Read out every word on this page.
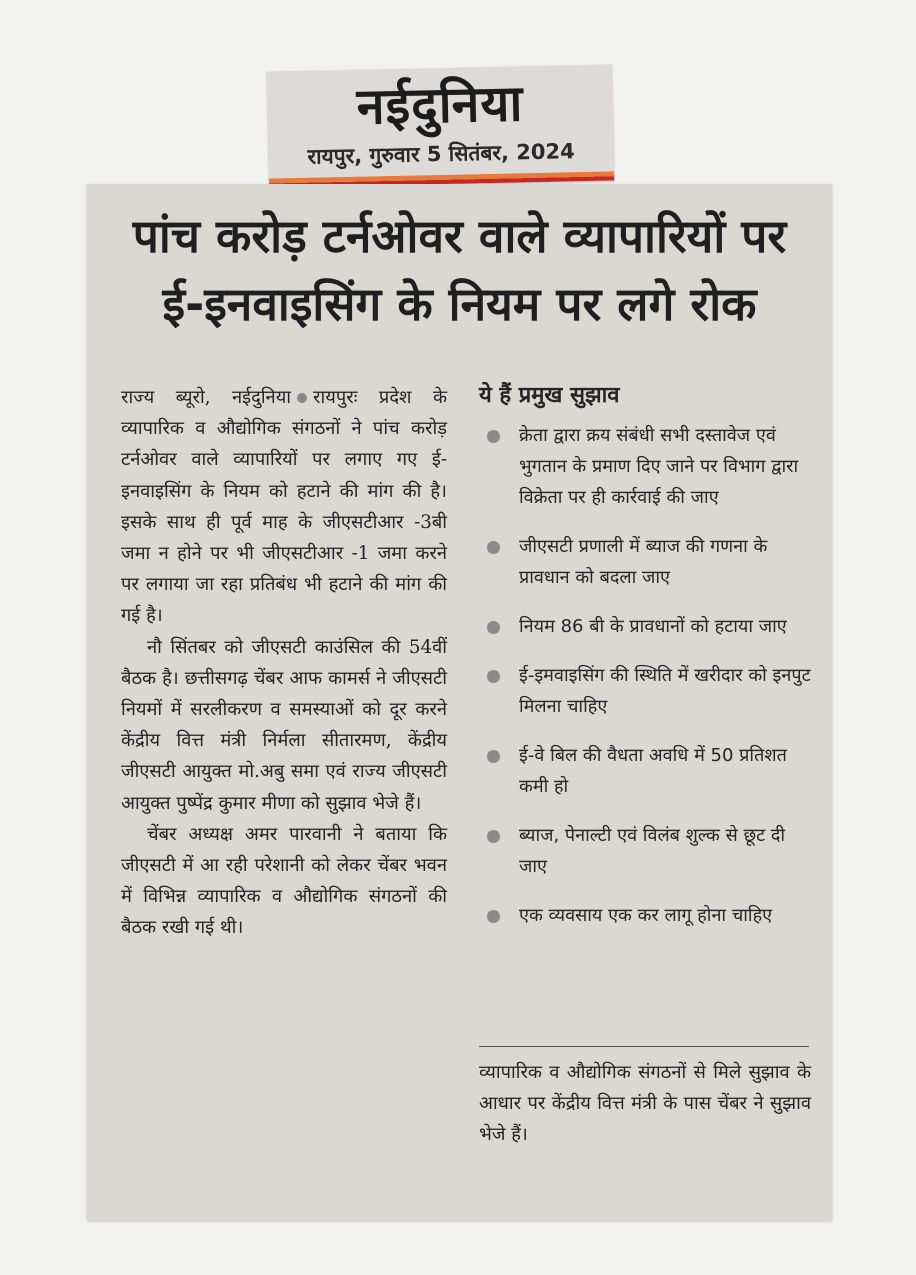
नईदुनिया
रायपुर, गुरुवार 5 सितंबर, 2024
पांच करोड़ टर्नओवर वाले व्यापारियों पर
ई-इनवाइसिंग के नियम पर लगे रोक

राज्य ब्यूरो, नईदुनिया रायपुरः प्रदेश के व्यापारिक व औद्योगिक संगठनों ने पांच करोड़ टर्नओवर वाले व्यापारियों पर लगाए गए ई-इनवाइसिंग के नियम को हटाने की मांग की है। इसके साथ ही पूर्व माह के जीएसटीआर -3बी जमा न होने पर भी जीएसटीआर -1 जमा करने पर लगाया जा रहा प्रतिबंध भी हटाने की मांग की गई है।

नौ सिंतबर को जीएसटी काउंसिल की 54वीं बैठक है। छत्तीसगढ़ चेंबर आफ कामर्स ने जीएसटी नियमों में सरलीकरण व समस्याओं को दूर करने केंद्रीय वित्त मंत्री निर्मला सीतारमण, केंद्रीय जीएसटी आयुक्त मो.अबु समा एवं राज्य जीएसटी आयुक्त पुष्पेंद्र कुमार मीणा को सुझाव भेजे हैं।

चेंबर अध्यक्ष अमर पारवानी ने बताया कि जीएसटी में आ रही परेशानी को लेकर चेंबर भवन में विभिन्न व्यापारिक व औद्योगिक संगठनों की बैठक रखी गई थी।

ये हैं प्रमुख सुझाव
क्रेता द्वारा क्रय संबंधी सभी दस्तावेज एवं भुगतान के प्रमाण दिए जाने पर विभाग द्वारा विक्रेता पर ही कार्रवाई की जाए
जीएसटी प्रणाली में ब्याज की गणना के प्रावधान को बदला जाए
नियम 86 बी के प्रावधानों को हटाया जाए
ई-इमवाइसिंग की स्थिति में खरीदार को इनपुट मिलना चाहिए
ई-वे बिल की वैधता अवधि में 50 प्रतिशत कमी हो
ब्याज, पेनाल्टी एवं विलंब शुल्क से छूट दी जाए
एक व्यवसाय एक कर लागू होना चाहिए
व्यापारिक व औद्योगिक संगठनों से मिले सुझाव के आधार पर केंद्रीय वित्त मंत्री के पास चेंबर ने सुझाव भेजे हैं।
